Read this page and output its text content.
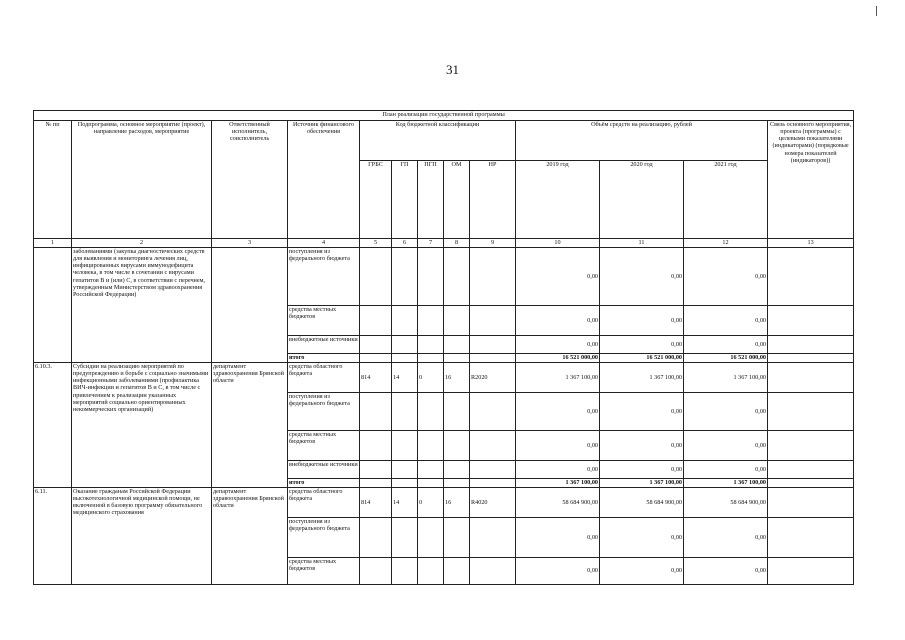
31
План реализации государственной программы												
№ пп	Подпрограмма, основное мероприятие (проект), направление расходов, мероприятие	Ответственный исполнитель, соисполнитель	Источник финансового обеспечения	Код бюджетной классификации					Объём средств на реализацию, рублей			Связь основного мероприятия, проекта (программы) с целевыми показателями (индикаторами) (порядковые номера показателей (индикаторов))
				ГРБС	ГП	ПГП	ОМ	НР	2019 год	2020 год	2021 год	
1	2	3	4	5	6	7	8	9	10	11	12	13
	заболеваниями (закупка диагностических средств для выявления и мониторинга лечения лиц, инфицированных вирусами иммунодефицита человека, в том числе в сочетании с вирусами гепатитов В и (или) С, в соответствии с перечнем, утвержденным Министерством здравоохранения Российской Федерации)		поступления из федерального бюджета						0,00	0,00	0,00	
			средства местных бюджетов						0,00	0,00	0,00	
			внебюджетные источники						0,00	0,00	0,00	
			итого						16 521 000,00	16 521 000,00	16 521 000,00	
6.10.3.	Субсидии на реализацию мероприятий по предупреждению и борьбе с социально значимыми инфекционными заболеваниями (профилактика ВИЧ-инфекции и гепатитов В и С, в том числе с привлечением к реализации указанных мероприятий социально ориентированных некоммерческих организаций)	департамент здравоохранения Брянской области	средства областного бюджета	814	14	0	16	R2020	1 367 100,00	1 367 100,00	1 367 100,00	
			поступления из федерального бюджета						0,00	0,00	0,00	
			средства местных бюджетов						0,00	0,00	0,00	
			внебюджетные источники						0,00	0,00	0,00	
			итого						1 367 100,00	1 367 100,00	1 367 100,00	
6.11.	Оказание гражданам Российской Федерации высокотехнологичной медицинской помощи, не включенной в базовую программу обязательного медицинского страхования	департамент здравоохранения Брянской области	средства областного бюджета	814	14	0	16	R4020	58 684 900,00	58 684 900,00	58 684 900,00	
			поступления из федерального бюджета						0,00	0,00	0,00	
			средства местных бюджетов						0,00	0,00	0,00	
